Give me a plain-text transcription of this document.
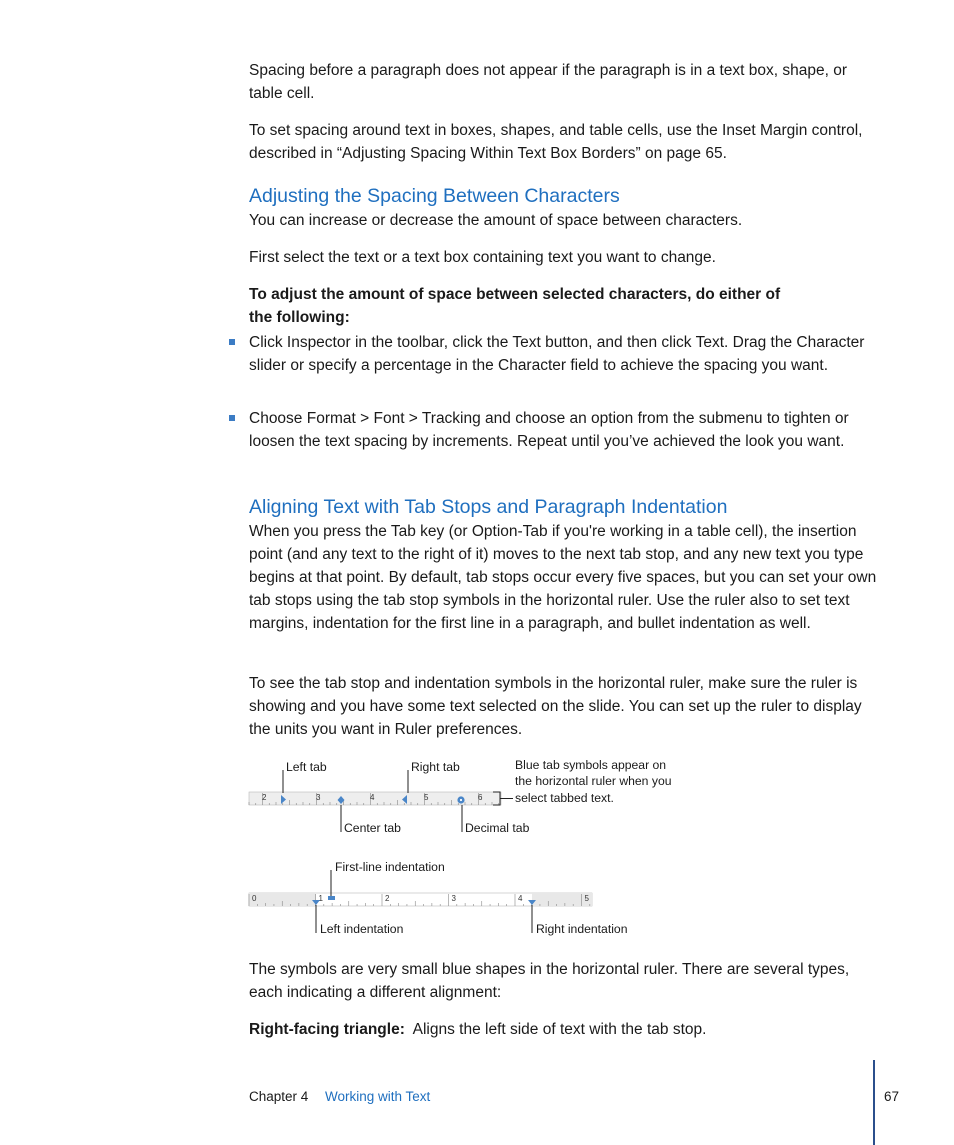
Spacing before a paragraph does not appear if the paragraph is in a text box, shape, or table cell.

To set spacing around text in boxes, shapes, and table cells, use the Inset Margin control, described in “Adjusting Spacing Within Text Box Borders” on page 65.

Adjusting the Spacing Between Characters

You can increase or decrease the amount of space between characters.

First select the text or a text box containing text you want to change.

To adjust the amount of space between selected characters, do either of
the following:

Click Inspector in the toolbar, click the Text button, and then click Text. Drag the Character slider or specify a percentage in the Character field to achieve the spacing you want.

Choose Format > Font > Tracking and choose an option from the submenu to tighten or loosen the text spacing by increments. Repeat until you’ve achieved the look you want.

Aligning Text with Tab Stops and Paragraph Indentation

When you press the Tab key (or Option-Tab if you're working in a table cell), the insertion point (and any text to the right of it) moves to the next tab stop, and any new text you type begins at that point. By default, tab stops occur every five spaces, but you can set your own tab stops using the tab stop symbols in the horizontal ruler. Use the ruler also to set text margins, indentation for the first line in a paragraph, and bullet indentation as well.

To see the tab stop and indentation symbols in the horizontal ruler, make sure the ruler is showing and you have some text selected on the slide. You can set up the ruler to display the units you want in Ruler preferences.

Left tab	Right tab	Blue tab symbols appear on
the horizontal ruler when you
select tabbed text.
Center tab	Decimal tab
First-line indentation
Left indentation	Right indentation
2	3	4	5	6
0	1	2	3	4	5

The symbols are very small blue shapes in the horizontal ruler. There are several types, each indicating a different alignment:

Right-facing triangle: Aligns the left side of text with the tab stop.

Chapter 4 Working with Text	67
